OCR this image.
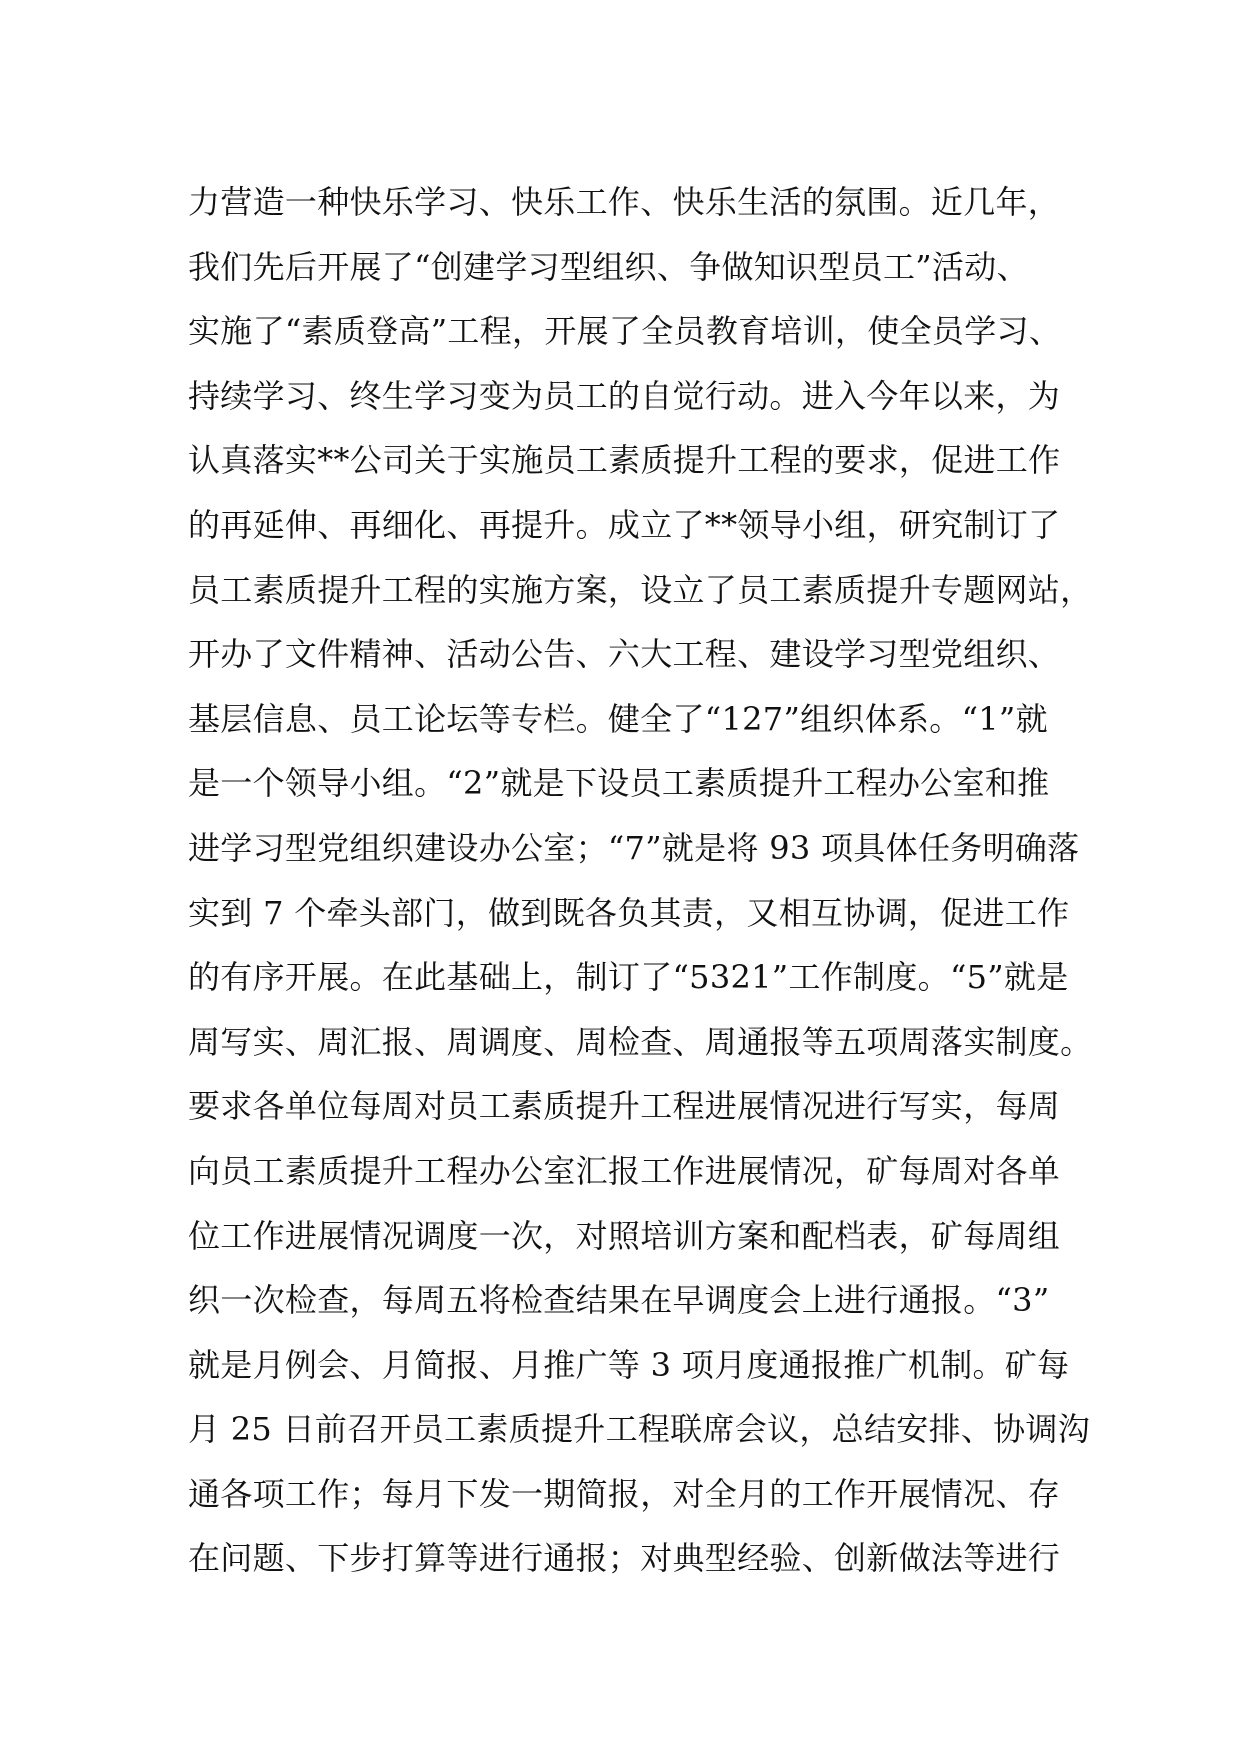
力营造一种快乐学习、快乐工作、快乐生活的氛围。近几年，
我们先后开展了“创建学习型组织、争做知识型员工”活动、
实施了“素质登高”工程，开展了全员教育培训，使全员学习、
持续学习、终生学习变为员工的自觉行动。进入今年以来，为
认真落实**公司关于实施员工素质提升工程的要求，促进工作
的再延伸、再细化、再提升。成立了**领导小组，研究制订了
员工素质提升工程的实施方案，设立了员工素质提升专题网站，
开办了文件精神、活动公告、六大工程、建设学习型党组织、
基层信息、员工论坛等专栏。健全了“127”组织体系。“1”就
是一个领导小组。“2”就是下设员工素质提升工程办公室和推
进学习型党组织建设办公室；“7”就是将 93 项具体任务明确落
实到 7 个牵头部门，做到既各负其责，又相互协调，促进工作
的有序开展。在此基础上，制订了“5321”工作制度。“5”就是
周写实、周汇报、周调度、周检查、周通报等五项周落实制度。
要求各单位每周对员工素质提升工程进展情况进行写实，每周
向员工素质提升工程办公室汇报工作进展情况，矿每周对各单
位工作进展情况调度一次，对照培训方案和配档表，矿每周组
织一次检查，每周五将检查结果在早调度会上进行通报。“3”
就是月例会、月简报、月推广等 3 项月度通报推广机制。矿每
月 25 日前召开员工素质提升工程联席会议，总结安排、协调沟
通各项工作；每月下发一期简报，对全月的工作开展情况、存
在问题、下步打算等进行通报；对典型经验、创新做法等进行
